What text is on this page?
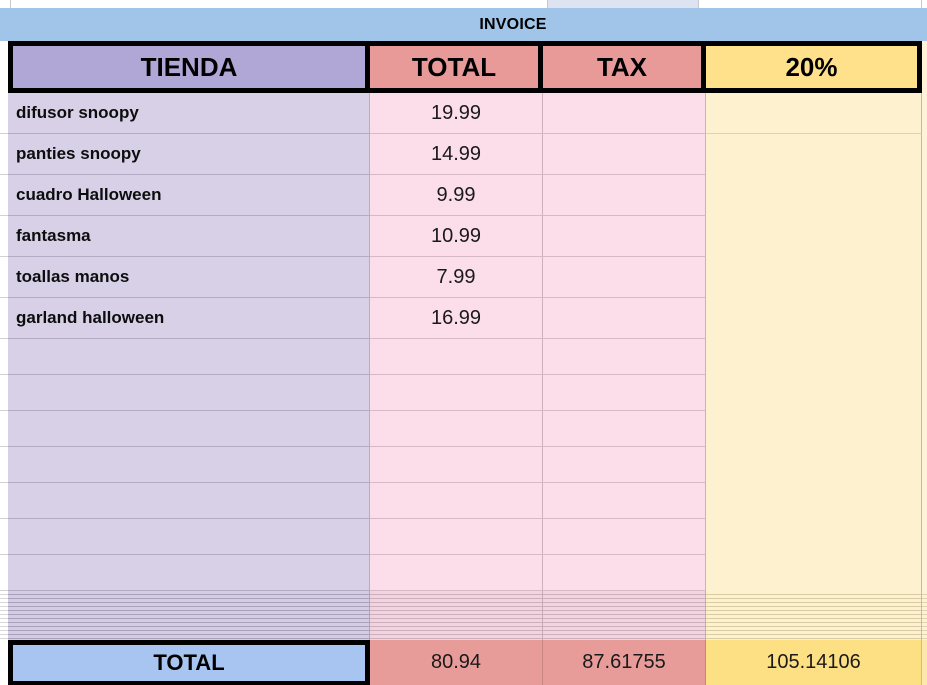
INVOICE
TIENDA	TOTAL	TAX	20%
difusor snoopy	19.99
panties snoopy	14.99
cuadro Halloween	9.99
fantasma	10.99
toallas manos	7.99
garland halloween	16.99
TOTAL	80.94	87.61755	105.14106
